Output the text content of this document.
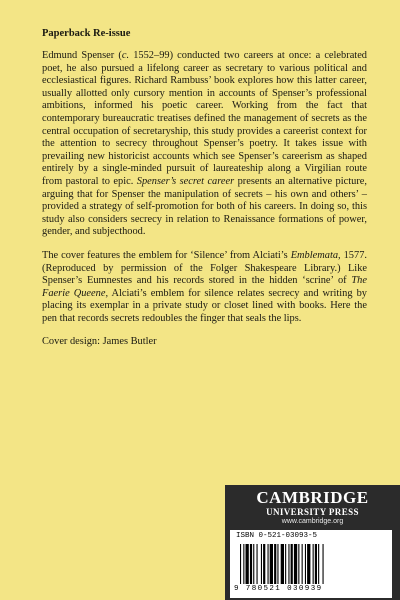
Paperback Re-issue

Edmund Spenser (c. 1552–99) conducted two careers at once: a celebrated poet, he also pursued a lifelong career as secretary to various political and ecclesiastical figures. Richard Rambuss’ book explores how this latter career, usually allotted only cursory mention in accounts of Spenser’s professional ambitions, informed his poetic career. Working from the fact that contemporary bureaucratic treatises defined the management of secrets as the central occupation of secretaryship, this study provides a careerist context for the attention to secrecy throughout Spenser’s poetry. It takes issue with prevailing new historicist accounts which see Spenser’s careerism as shaped entirely by a single-minded pursuit of laureateship along a Virgilian route from pastoral to epic. Spenser’s secret career presents an alternative picture, arguing that for Spenser the manipulation of secrets – his own and others’ – provided a strategy of self-promotion for both of his careers. In doing so, this study also considers secrecy in relation to Renaissance formations of power, gender, and subjecthood.

The cover features the emblem for ‘Silence’ from Alciati’s Emblemata, 1577. (Reproduced by permission of the Folger Shakespeare Library.) Like Spenser’s Eumnestes and his records stored in the hidden ‘scrine’ of The Faerie Queene, Alciati’s emblem for silence relates secrecy and writing by placing its exemplar in a private study or closet lined with books. Here the pen that records secrets redoubles the finger that seals the lips.

Cover design: James Butler

CAMBRIDGE
UNIVERSITY PRESS
www.cambridge.org
ISBN 0-521-03093-5
9 780521 030939
